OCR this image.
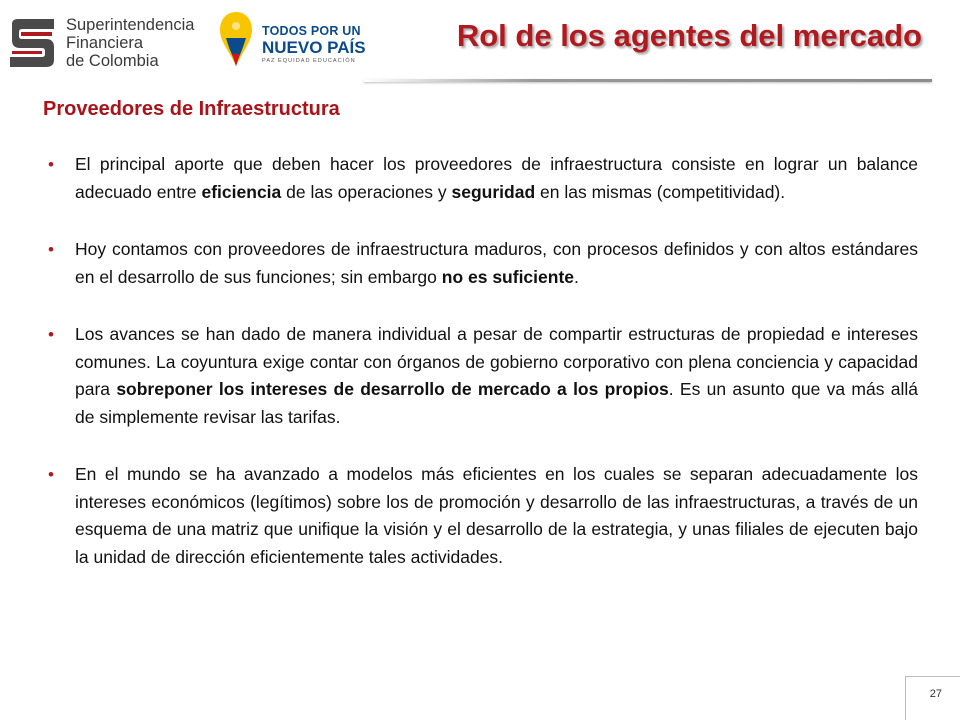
Superintendencia
Financiera
de Colombia
TODOS POR UN
NUEVO PAÍS
PAZ EQUIDAD EDUCACIÓN
Rol de los agentes del mercado
Proveedores de Infraestructura
• El principal aporte que deben hacer los proveedores de infraestructura consiste en lograr un balance adecuado entre eficiencia de las operaciones y seguridad en las mismas (competitividad).
• Hoy contamos con proveedores de infraestructura maduros, con procesos definidos y con altos estándares en el desarrollo de sus funciones; sin embargo no es suficiente.
• Los avances se han dado de manera individual a pesar de compartir estructuras de propiedad e intereses comunes. La coyuntura exige contar con órganos de gobierno corporativo con plena conciencia y capacidad para sobreponer los intereses de desarrollo de mercado a los propios. Es un asunto que va más allá de simplemente revisar las tarifas.
• En el mundo se ha avanzado a modelos más eficientes en los cuales se separan adecuadamente los intereses económicos (legítimos) sobre los de promoción y desarrollo de las infraestructuras, a través de un esquema de una matriz que unifique la visión y el desarrollo de la estrategia, y unas filiales de ejecuten bajo la unidad de dirección eficientemente tales actividades.
27
